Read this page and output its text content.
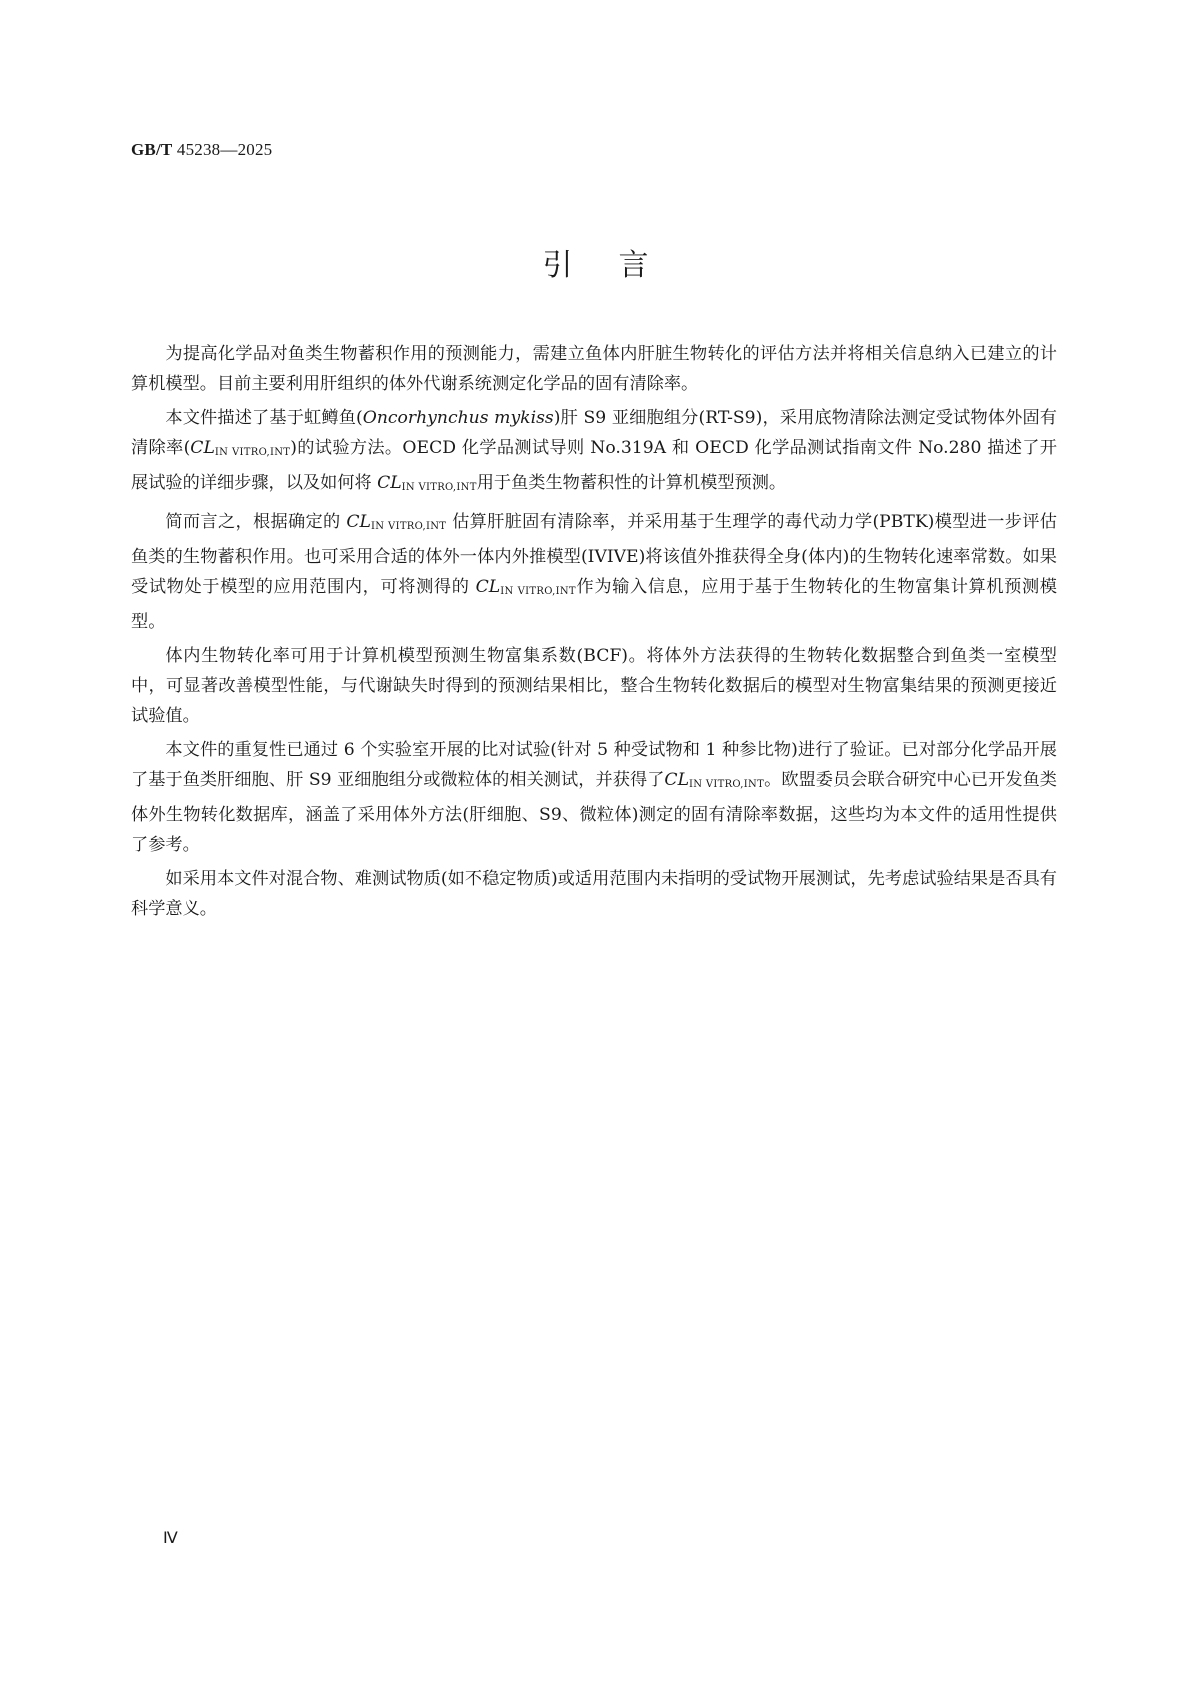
GB/T 45238—2025
引言

为提高化学品对鱼类生物蓄积作用的预测能力，需建立鱼体内肝脏生物转化的评估方法并将相关信息纳入已建立的计算机模型。目前主要利用肝组织的体外代谢系统测定化学品的固有清除率。

本文件描述了基于虹鳟鱼(Oncorhynchus mykiss)肝 S9 亚细胞组分(RT-S9)，采用底物清除法测定受试物体外固有清除率$(CL_{IN VITRO,INT})$的试验方法。OECD 化学品测试导则 No.319A 和 OECD 化学品测试指南文件 No.280 描述了开展试验的详细步骤，以及如何将 $CL_{IN VITRO,INT}$用于鱼类生物蓄积性的计算机模型预测。

简而言之，根据确定的 $CL_{IN VITRO,INT}$ 估算肝脏固有清除率，并采用基于生理学的毒代动力学(PBTK)模型进一步评估鱼类的生物蓄积作用。也可采用合适的体外一体内外推模型(IVIVE)将该值外推获得全身(体内)的生物转化速率常数。如果受试物处于模型的应用范围内，可将测得的 $CL_{IN VITRO,INT}$作为输入信息，应用于基于生物转化的生物富集计算机预测模型。

体内生物转化率可用于计算机模型预测生物富集系数(BCF)。将体外方法获得的生物转化数据整合到鱼类一室模型中，可显著改善模型性能，与代谢缺失时得到的预测结果相比，整合生物转化数据后的模型对生物富集结果的预测更接近试验值。

本文件的重复性已通过 6 个实验室开展的比对试验(针对 5 种受试物和 1 种参比物)进行了验证。已对部分化学品开展了基于鱼类肝细胞、肝 S9 亚细胞组分或微粒体的相关测试，并获得了$CL_{IN VITRO,INT}$。欧盟委员会联合研究中心已开发鱼类体外生物转化数据库，涵盖了采用体外方法(肝细胞、S9、微粒体)测定的固有清除率数据，这些均为本文件的适用性提供了参考。

如采用本文件对混合物、难测试物质(如不稳定物质)或适用范围内未指明的受试物开展测试，先考虑试验结果是否具有科学意义。

Ⅳ
